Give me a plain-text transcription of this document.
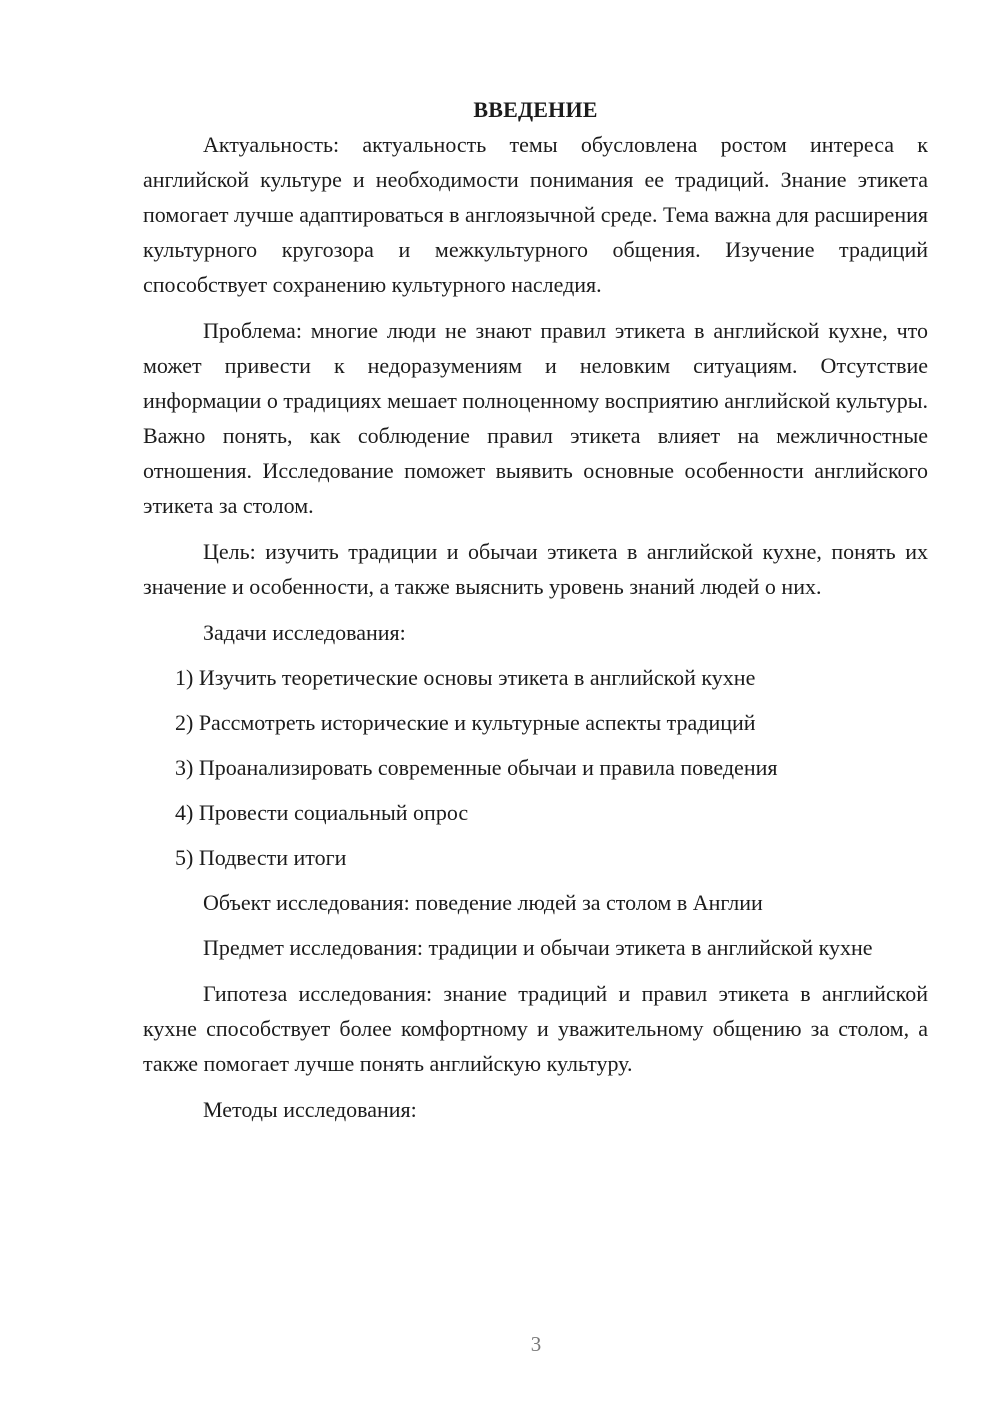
ВВЕДЕНИЕ

Актуальность: актуальность темы обусловлена ростом интереса к английской культуре и необходимости понимания ее традиций. Знание этикета помогает лучше адаптироваться в англоязычной среде. Тема важна для расширения культурного кругозора и межкультурного общения. Изучение традиций способствует сохранению культурного наследия.

Проблема: многие люди не знают правил этикета в английской кухне, что может привести к недоразумениям и неловким ситуациям. Отсутствие информации о традициях мешает полноценному восприятию английской культуры. Важно понять, как соблюдение правил этикета влияет на межличностные отношения. Исследование поможет выявить основные особенности английского этикета за столом.

Цель: изучить традиции и обычаи этикета в английской кухне, понять их значение и особенности, а также выяснить уровень знаний людей о них.

Задачи исследования:
1) Изучить теоретические основы этикета в английской кухне
2) Рассмотреть исторические и культурные аспекты традиций
3) Проанализировать современные обычаи и правила поведения
4) Провести социальный опрос
5) Подвести итоги
Объект исследования: поведение людей за столом в Англии

Предмет исследования: традиции и обычаи этикета в английской кухне

Гипотеза исследования: знание традиций и правил этикета в английской кухне способствует более комфортному и уважительному общению за столом, а также помогает лучше понять английскую культуру.

Методы исследования:
3
